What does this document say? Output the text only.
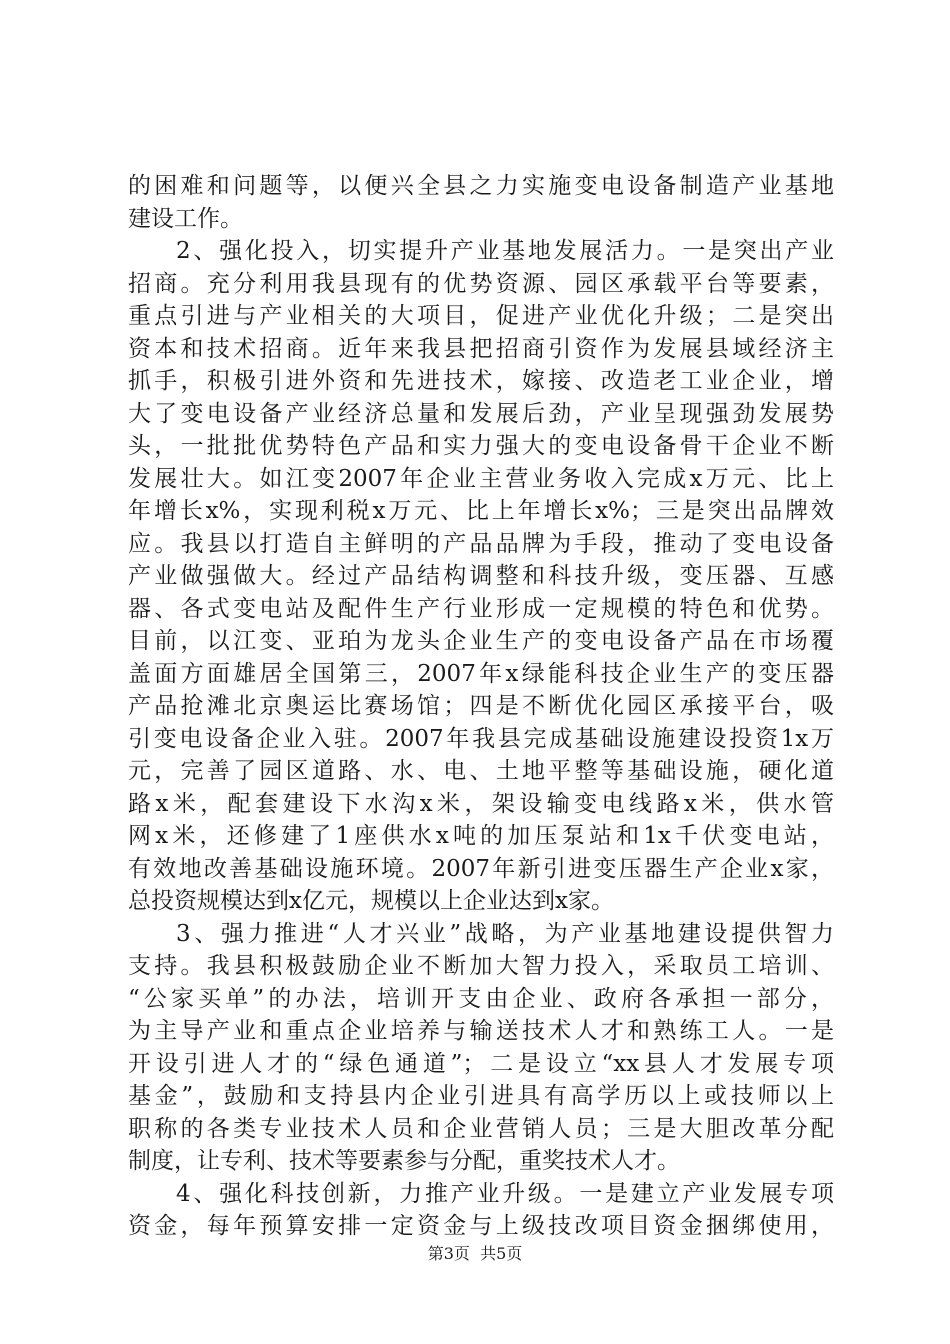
的困难和问题等，以便兴全县之力实施变电设备制造产业基地
建设工作。
2、强化投入，切实提升产业基地发展活力。一是突出产业
招商。充分利用我县现有的优势资源、园区承载平台等要素，
重点引进与产业相关的大项目，促进产业优化升级；二是突出
资本和技术招商。近年来我县把招商引资作为发展县域经济主
抓手，积极引进外资和先进技术，嫁接、改造老工业企业，增
大了变电设备产业经济总量和发展后劲，产业呈现强劲发展势
头，一批批优势特色产品和实力强大的变电设备骨干企业不断
发展壮大。如江变2007年企业主营业务收入完成x万元、比上
年增长x%，实现利税x万元、比上年增长x%；三是突出品牌效
应。我县以打造自主鲜明的产品品牌为手段，推动了变电设备
产业做强做大。经过产品结构调整和科技升级，变压器、互感
器、各式变电站及配件生产行业形成一定规模的特色和优势。
目前，以江变、亚珀为龙头企业生产的变电设备产品在市场覆
盖面方面雄居全国第三，2007年x绿能科技企业生产的变压器
产品抢滩北京奥运比赛场馆；四是不断优化园区承接平台，吸
引变电设备企业入驻。2007年我县完成基础设施建设投资1x万
元，完善了园区道路、水、电、土地平整等基础设施，硬化道
路x米，配套建设下水沟x米，架设输变电线路x米，供水管
网x米，还修建了1座供水x吨的加压泵站和1x千伏变电站，
有效地改善基础设施环境。2007年新引进变压器生产企业x家，
总投资规模达到x亿元，规模以上企业达到x家。
3、强力推进“人才兴业”战略，为产业基地建设提供智力
支持。我县积极鼓励企业不断加大智力投入，采取员工培训、
“公家买单”的办法，培训开支由企业、政府各承担一部分，
为主导产业和重点企业培养与输送技术人才和熟练工人。一是
开设引进人才的“绿色通道”；二是设立“xx县人才发展专项
基金”，鼓励和支持县内企业引进具有高学历以上或技师以上
职称的各类专业技术人员和企业营销人员；三是大胆改革分配
制度，让专利、技术等要素参与分配，重奖技术人才。
4、强化科技创新，力推产业升级。一是建立产业发展专项
资金，每年预算安排一定资金与上级技改项目资金捆绑使用，
第3页  共5页
